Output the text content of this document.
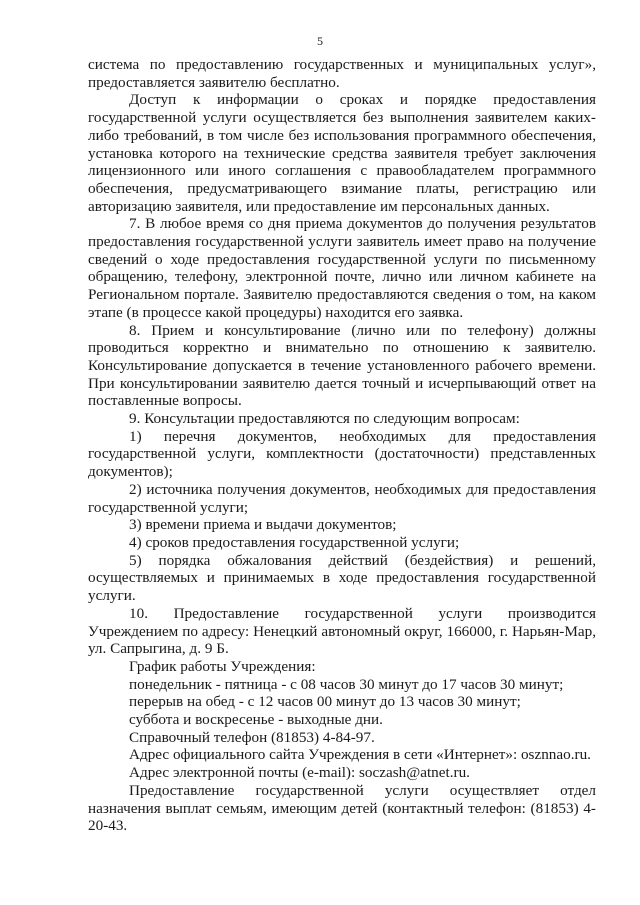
5

система по предоставлению государственных и муниципальных услуг», предоставляется заявителю бесплатно.

Доступ к информации о сроках и порядке предоставления государственной услуги осуществляется без выполнения заявителем каких-либо требований, в том числе без использования программного обеспечения, установка которого на технические средства заявителя требует заключения лицензионного или иного соглашения с правообладателем программного обеспечения, предусматривающего взимание платы, регистрацию или авторизацию заявителя, или предоставление им персональных данных.

7. В любое время со дня приема документов до получения результатов предоставления государственной услуги заявитель имеет право на получение сведений о ходе предоставления государственной услуги по письменному обращению, телефону, электронной почте, лично или личном кабинете на Региональном портале. Заявителю предоставляются сведения о том, на каком этапе (в процессе какой процедуры) находится его заявка.

8. Прием и консультирование (лично или по телефону) должны проводиться корректно и внимательно по отношению к заявителю. Консультирование допускается в течение установленного рабочего времени. При консультировании заявителю дается точный и исчерпывающий ответ на поставленные вопросы.

9. Консультации предоставляются по следующим вопросам:

1) перечня документов, необходимых для предоставления государственной услуги, комплектности (достаточности) представленных документов);

2) источника получения документов, необходимых для предоставления государственной услуги;

3) времени приема и выдачи документов;

4) сроков предоставления государственной услуги;

5) порядка обжалования действий (бездействия) и решений, осуществляемых и принимаемых в ходе предоставления государственной услуги.

10. Предоставление государственной услуги производится Учреждением по адресу: Ненецкий автономный округ, 166000, г. Нарьян-Мар, ул. Сапрыгина, д. 9 Б.

График работы Учреждения:

понедельник - пятница - с 08 часов 30 минут до 17 часов 30 минут;

перерыв на обед - с 12 часов 00 минут до 13 часов 30 минут;

суббота и воскресенье - выходные дни.

Справочный телефон (81853) 4-84-97.

Адрес официального сайта Учреждения в сети «Интернет»: osznnao.ru.

Адрес электронной почты (e-mail): soczash@atnet.ru.

Предоставление государственной услуги осуществляет отдел назначения выплат семьям, имеющим детей (контактный телефон: (81853) 4-20-43.
